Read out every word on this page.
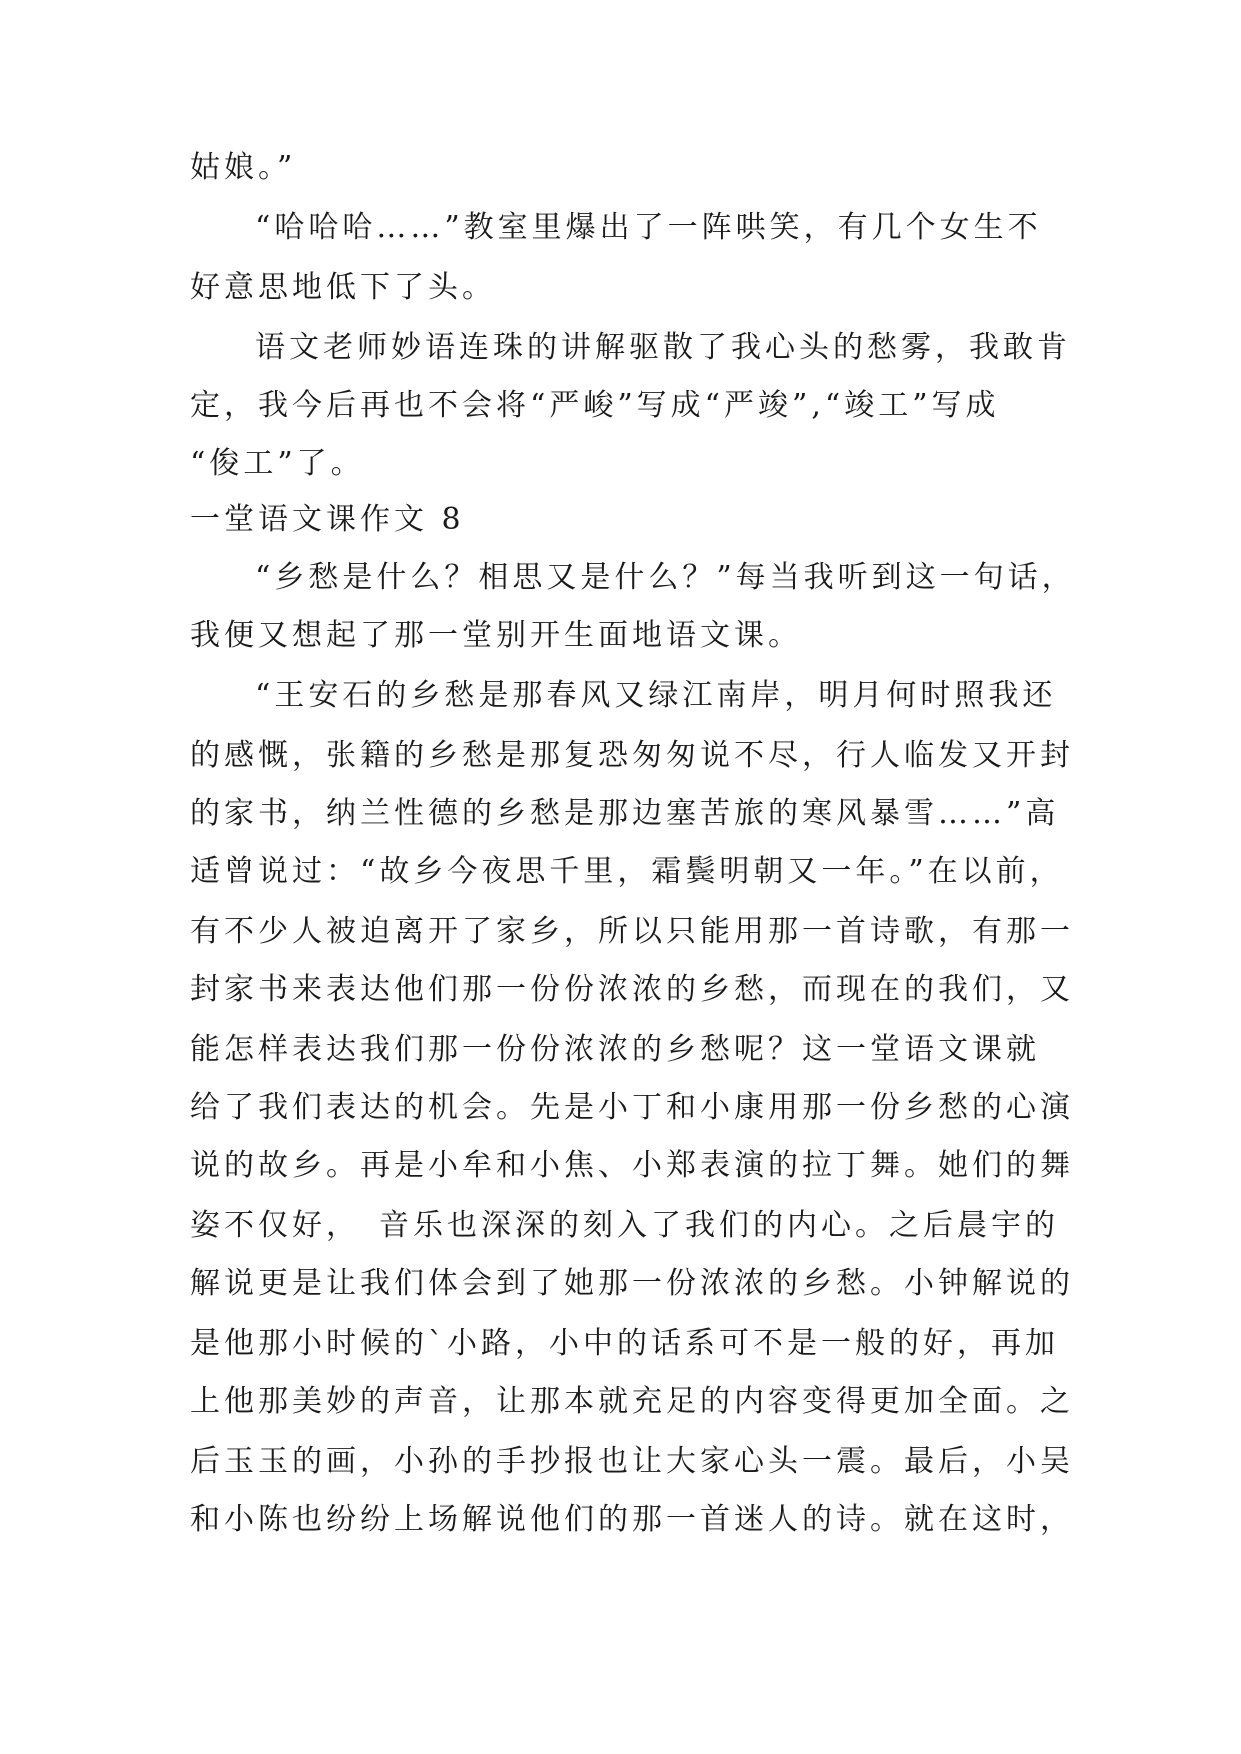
姑娘。”
“哈哈哈……”教室里爆出了一阵哄笑，有几个女生不
好意思地低下了头。
语文老师妙语连珠的讲解驱散了我心头的愁雾，我敢肯
定，我今后再也不会将“严峻”写成“严竣”,“竣工”写成
“俊工”了。
一堂语文课作文 8
“乡愁是什么？相思又是什么？”每当我听到这一句话，
我便又想起了那一堂别开生面地语文课。
“王安石的乡愁是那春风又绿江南岸，明月何时照我还
的感慨，张籍的乡愁是那复恐匆匆说不尽，行人临发又开封
的家书，纳兰性德的乡愁是那边塞苦旅的寒风暴雪……”高
适曾说过：“故乡今夜思千里，霜鬓明朝又一年。”在以前，
有不少人被迫离开了家乡，所以只能用那一首诗歌，有那一
封家书来表达他们那一份份浓浓的乡愁，而现在的我们，又
能怎样表达我们那一份份浓浓的乡愁呢？这一堂语文课就
给了我们表达的机会。先是小丁和小康用那一份乡愁的心演
说的故乡。再是小牟和小焦、小郑表演的拉丁舞。她们的舞
姿不仅好，　音乐也深深的刻入了我们的内心。之后晨宇的
解说更是让我们体会到了她那一份浓浓的乡愁。小钟解说的
是他那小时候的`小路，小中的话系可不是一般的好，再加
上他那美妙的声音，让那本就充足的内容变得更加全面。之
后玉玉的画，小孙的手抄报也让大家心头一震。最后，小吴
和小陈也纷纷上场解说他们的那一首迷人的诗。就在这时，
